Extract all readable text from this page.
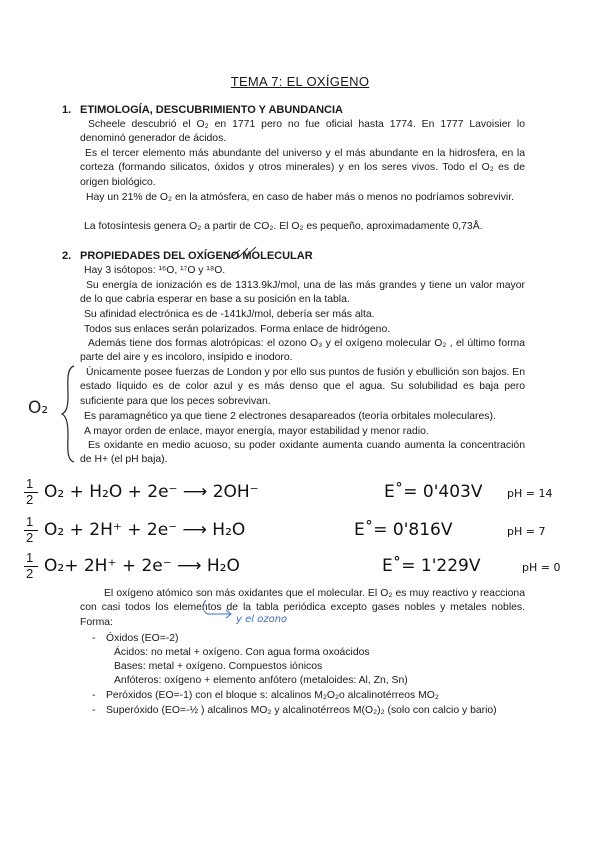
TEMA 7: EL OXÍGENO
1. ETIMOLOGÍA, DESCUBRIMIENTO Y ABUNDANCIA
Scheele descubrió el O₂ en 1771 pero no fue oficial hasta 1774. En 1777 Lavoisier lo denominó generador de ácidos.
Es el tercer elemento más abundante del universo y el más abundante en la hidrosfera, en la corteza (formando silicatos, óxidos y otros minerales) y en los seres vivos. Todo el O₂ es de origen biológico.
Hay un 21% de O₂ en la atmósfera, en caso de haber más o menos no podríamos sobrevivir.
La fotosíntesis genera O₂ a partir de CO₂. El O₂ es pequeño, aproximadamente 0,73Å.
2. PROPIEDADES DEL OXÍGENO MOLECULAR
Hay 3 isótopos: ¹⁶O, ¹⁷O y ¹⁸O.
Su energía de ionización es de 1313.9kJ/mol, una de las más grandes y tiene un valor mayor de lo que cabría esperar en base a su posición en la tabla.
Su afinidad electrónica es de -141kJ/mol, debería ser más alta.
Todos sus enlaces serán polarizados. Forma enlace de hidrógeno.
Además tiene dos formas alotrópicas: el ozono O₃ y el oxígeno molecular O₂ , el último forma parte del aire y es incoloro, insípido e inodoro.
O₂
Únicamente posee fuerzas de London y por ello sus puntos de fusión y ebullición son bajos. En estado líquido es de color azul y es más denso que el agua. Su solubilidad es baja pero suficiente para que los peces sobrevivan.
Es paramagnético ya que tiene 2 electrones desapareados (teoría orbitales moleculares).
A mayor orden de enlace, mayor energía, mayor estabilidad y menor radio.
Es oxidante en medio acuoso, su poder oxidante aumenta cuando aumenta la concentración de H+ (el pH baja).
$\frac{1}{2} O_2 + H_2O + 2e^-$ ⟶ 2OH⁻	E˚= 0'403V pH = 14
$\frac{1}{2} O_2 + 2H^+ + 2e^-$ ⟶ H₂O	E˚= 0'816V	pH = 7
$\frac{1}{2} O_2+ 2H^+ + 2e^-$ ⟶ H₂O	E˚= 1'229V	pH = 0
El oxígeno atómico son más oxidantes que el molecular. El O₂ es muy reactivo y reacciona con casi todos los elementos de la tabla periódica excepto gases nobles y metales nobles. Forma:	y el ozono
- Óxidos (EO=-2)
Ácidos: no metal + oxígeno. Con agua forma oxoácidos
Bases: metal + oxígeno. Compuestos iónicos
Anfóteros: oxígeno + elemento anfótero (metaloides: Al, Zn, Sn)
- Peróxidos (EO=-1) con el bloque s: alcalinos M₂O₂o alcalinotérreos MO₂
- Superóxido (EO=-½ ) alcalinos MO₂ y alcalinotérreos M(O₂)₂ (solo con calcio y bario)
